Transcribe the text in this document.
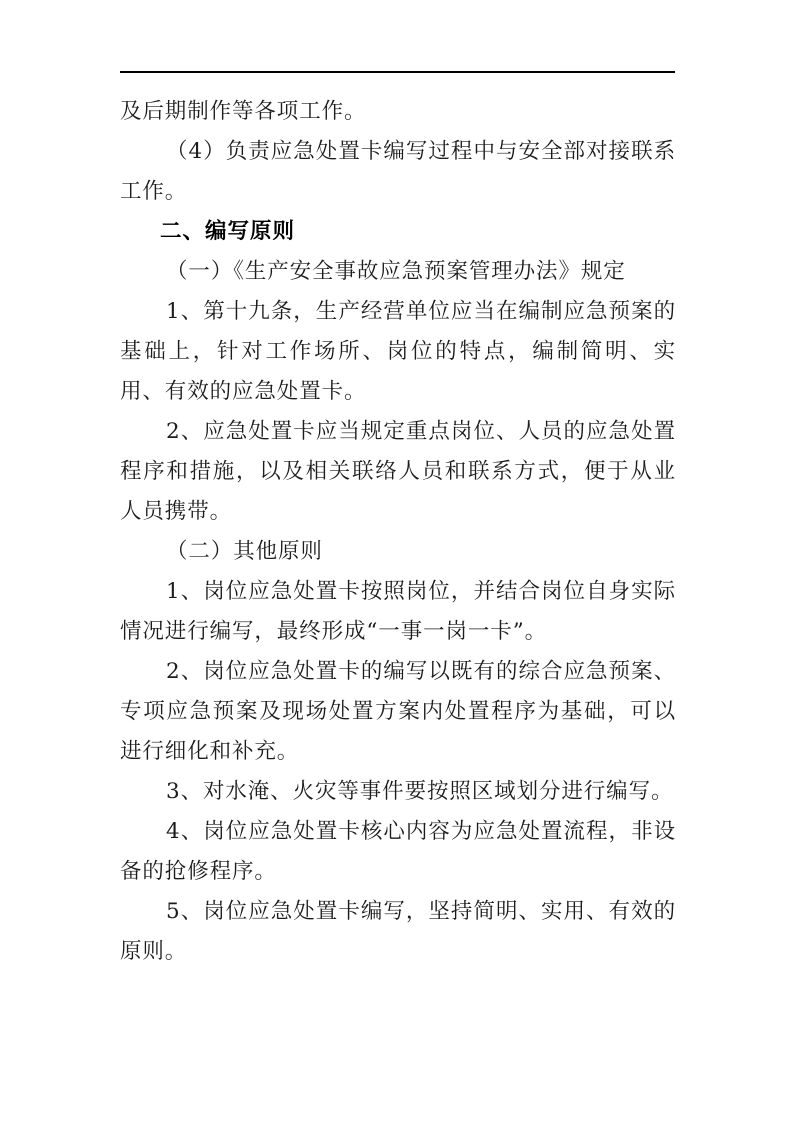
及后期制作等各项工作。

（4）负责应急处置卡编写过程中与安全部对接联系工作。

二、编写原则

（一）《生产安全事故应急预案管理办法》规定

1、第十九条，生产经营单位应当在编制应急预案的基础上，针对工作场所、岗位的特点，编制简明、实用、有效的应急处置卡。

2、应急处置卡应当规定重点岗位、人员的应急处置程序和措施，以及相关联络人员和联系方式，便于从业人员携带。

（二）其他原则

1、岗位应急处置卡按照岗位，并结合岗位自身实际情况进行编写，最终形成“一事一岗一卡”。

2、岗位应急处置卡的编写以既有的综合应急预案、专项应急预案及现场处置方案内处置程序为基础，可以进行细化和补充。

3、对水淹、火灾等事件要按照区域划分进行编写。

4、岗位应急处置卡核心内容为应急处置流程，非设备的抢修程序。

5、岗位应急处置卡编写，坚持简明、实用、有效的原则。
